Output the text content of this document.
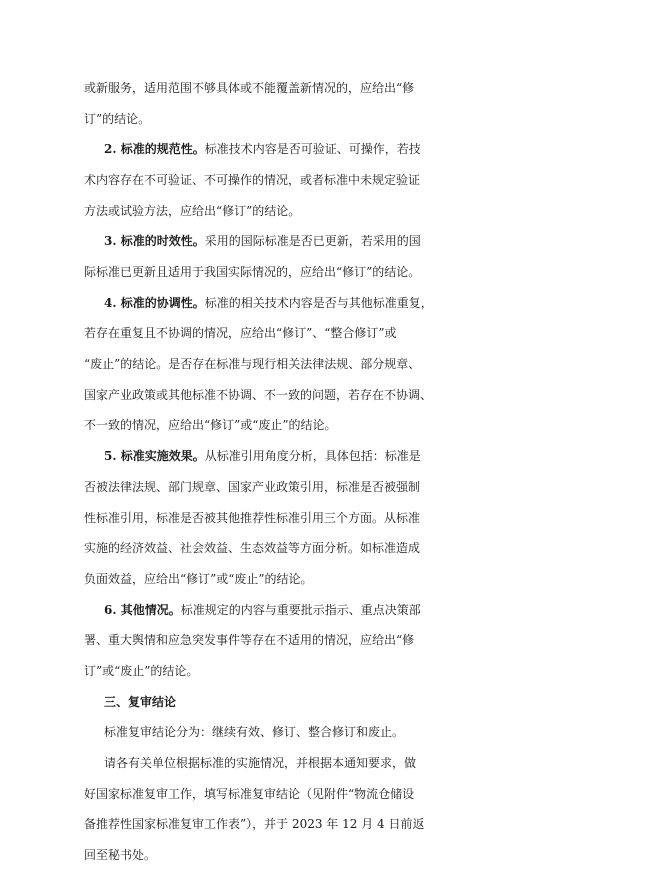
或新服务，适用范围不够具体或不能覆盖新情况的，应给出“修
订”的结论。
2. 标准的规范性。标准技术内容是否可验证、可操作，若技
术内容存在不可验证、不可操作的情况，或者标准中未规定验证
方法或试验方法，应给出“修订”的结论。
3. 标准的时效性。采用的国际标准是否已更新，若采用的国
际标准已更新且适用于我国实际情况的，应给出“修订”的结论。
4. 标准的协调性。标准的相关技术内容是否与其他标准重复，
若存在重复且不协调的情况，应给出“修订”、“整合修订”或
“废止”的结论。是否存在标准与现行相关法律法规、部分规章、
国家产业政策或其他标准不协调、不一致的问题，若存在不协调、
不一致的情况，应给出“修订”或“废止”的结论。
5. 标准实施效果。从标准引用角度分析，具体包括：标准是
否被法律法规、部门规章、国家产业政策引用，标准是否被强制
性标准引用，标准是否被其他推荐性标准引用三个方面。从标准
实施的经济效益、社会效益、生态效益等方面分析。如标准造成
负面效益，应给出“修订”或“废止”的结论。
6. 其他情况。标准规定的内容与重要批示指示、重点决策部
署、重大舆情和应急突发事件等存在不适用的情况，应给出“修
订”或“废止”的结论。
三、复审结论
标准复审结论分为：继续有效、修订、整合修订和废止。
请各有关单位根据标准的实施情况，并根据本通知要求，做
好国家标准复审工作，填写标准复审结论（见附件“物流仓储设
备推荐性国家标准复审工作表”），并于 2023 年 12 月 4 日前返
回至秘书处。
